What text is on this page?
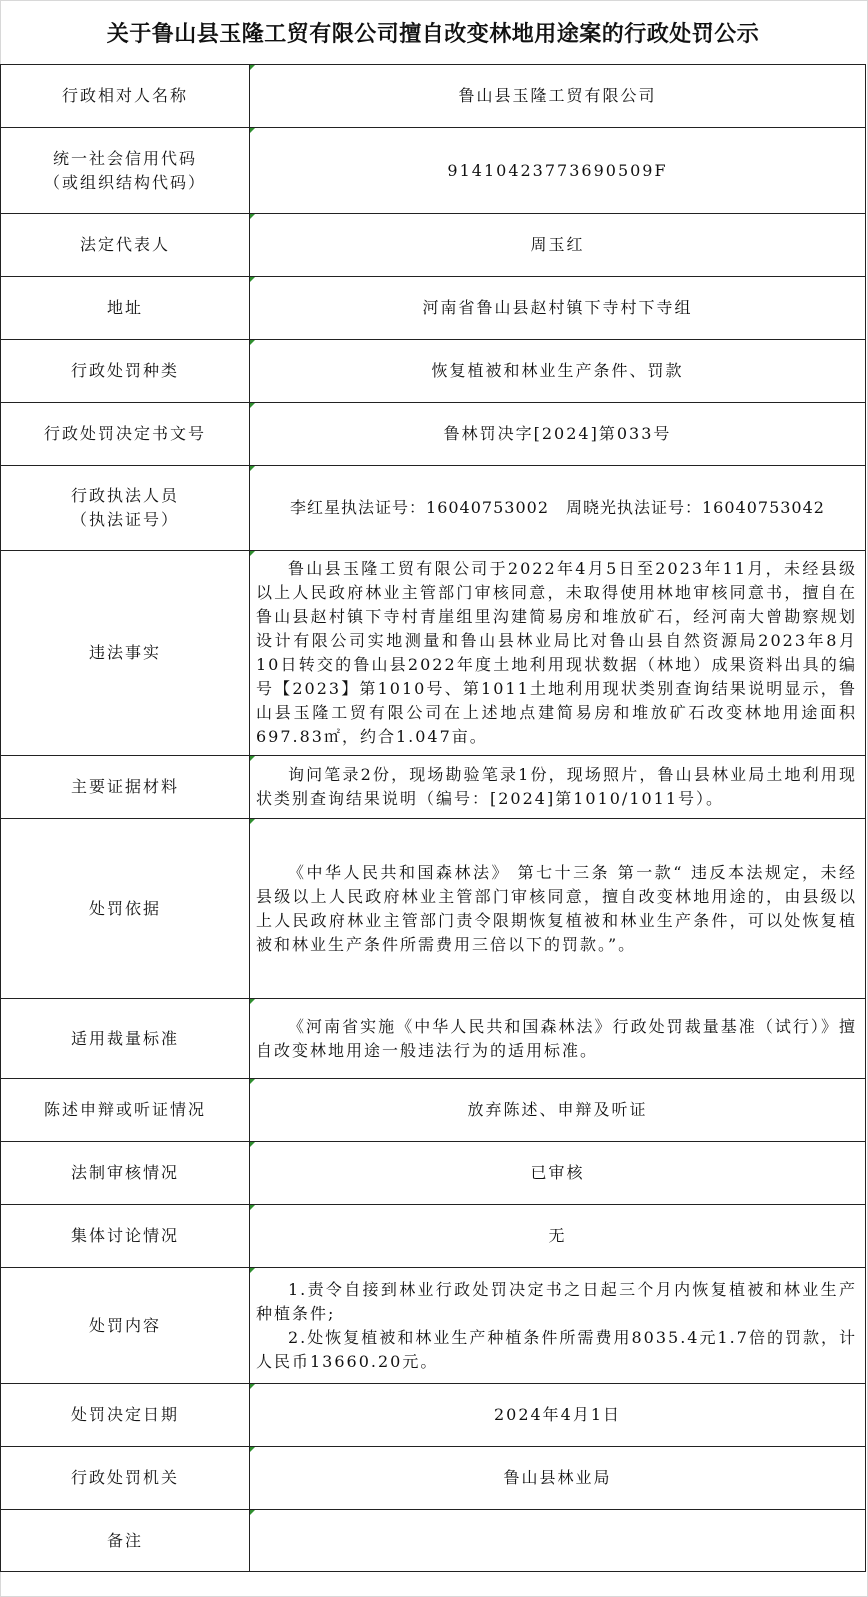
关于鲁山县玉隆工贸有限公司擅自改变林地用途案的行政处罚公示
行政相对人名称	鲁山县玉隆工贸有限公司

统一社会信用代码
（或组织结构代码）	91410423773690509F
法定代表人	周玉红
地址	河南省鲁山县赵村镇下寺村下寺组
行政处罚种类	恢复植被和林业生产条件、罚款
行政处罚决定书文号	鲁林罚决字[2024]第033号

行政执法人员
（执法证号）	李红星执法证号：16040753002　周晓光执法证号：16040753042
违法事实	鲁山县玉隆工贸有限公司于2022年4月5日至2023年11月，未经县级以上人民政府林业主管部门审核同意，未取得使用林地审核同意书，擅自在鲁山县赵村镇下寺村青崖组里沟建简易房和堆放矿石，经河南大曾勘察规划设计有限公司实地测量和鲁山县林业局比对鲁山县自然资源局2023年8月10日转交的鲁山县2022年度土地利用现状数据（林地）成果资料出具的编号【2023】第1010号、第1011土地利用现状类别查询结果说明显示，鲁山县玉隆工贸有限公司在上述地点建简易房和堆放矿石改变林地用途面积697.83㎡，约合1.047亩。

主要证据材料	询问笔录2份，现场勘验笔录1份，现场照片，鲁山县林业局土地利用现状类别查询结果说明（编号：[2024]第1010/1011号）。

处罚依据	《中华人民共和国森林法》 第七十三条 第一款“ 违反本法规定，未经县级以上人民政府林业主管部门审核同意，擅自改变林地用途的，由县级以上人民政府林业主管部门责令限期恢复植被和林业生产条件，可以处恢复植被和林业生产条件所需费用三倍以下的罚款。”。

适用裁量标准	《河南省实施《中华人民共和国森林法》行政处罚裁量基准（试行）》擅自改变林地用途一般违法行为的适用标准。

陈述申辩或听证情况	放弃陈述、申辩及听证
法制审核情况	已审核
集体讨论情况	无
处罚内容	1.责令自接到林业行政处罚决定书之日起三个月内恢复植被和林业生产种植条件;
2.处恢复植被和林业生产种植条件所需费用8035.4元1.7倍的罚款，计人民币13660.20元。

处罚决定日期	2024年4月1日
行政处罚机关	鲁山县林业局
备注	
